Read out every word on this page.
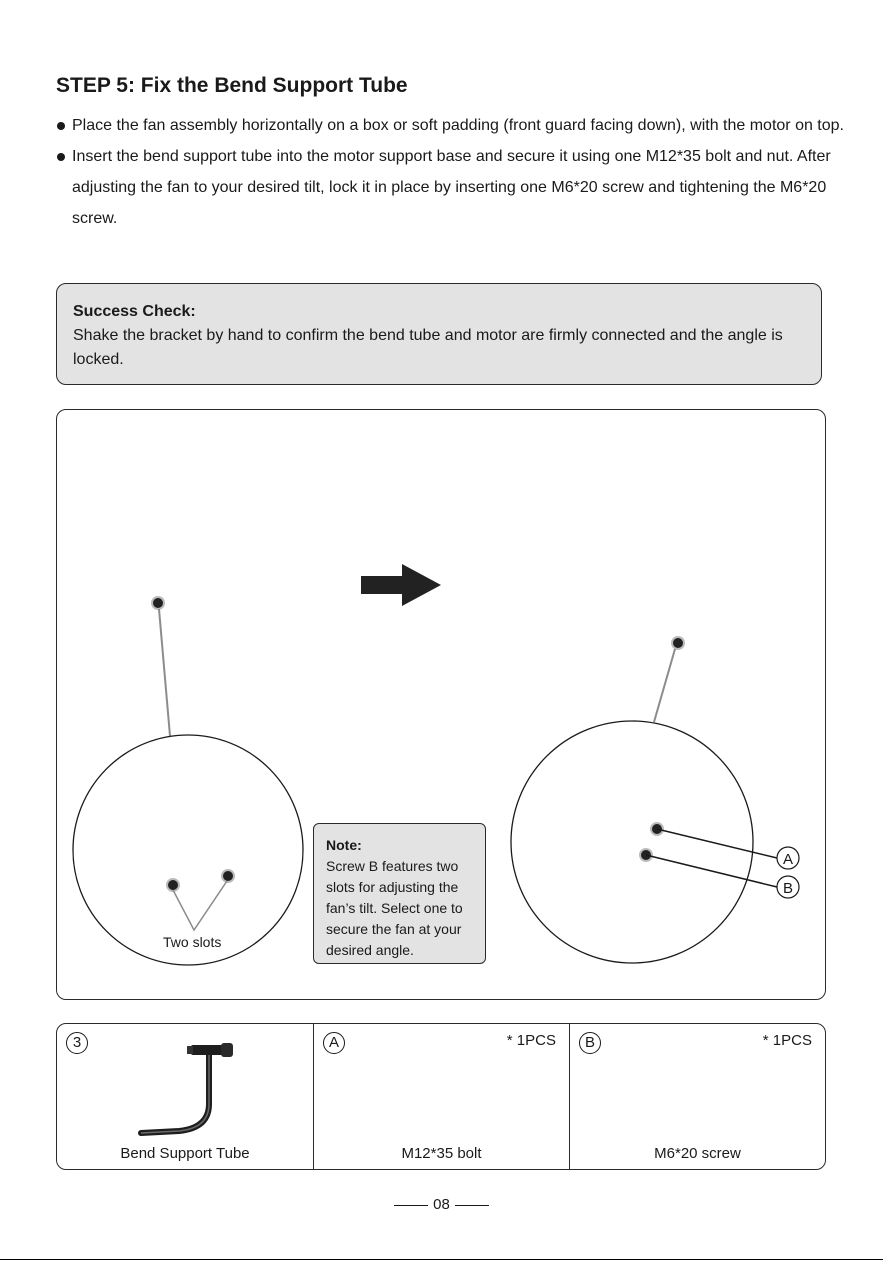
STEP 5: Fix the Bend Support Tube
Place the fan assembly horizontally on a box or soft padding (front guard facing down), with the motor on top.
Insert the bend support tube into the motor support base and secure it using one M12*35 bolt and nut. After adjusting the fan to your desired tilt, lock it in place by inserting one M6*20 screw and tightening the M6*20 screw.
Success Check:
Shake the bracket by hand to confirm the bend tube and motor are firmly connected and the angle is locked.
A
B
Two slots
Note:
Screw B features two slots for adjusting the fan’s tilt. Select one to secure the fan at your desired angle.
3
Bend Support Tube
A	* 1PCS
M12*35 bolt
B	* 1PCS
M6*20 screw
08
